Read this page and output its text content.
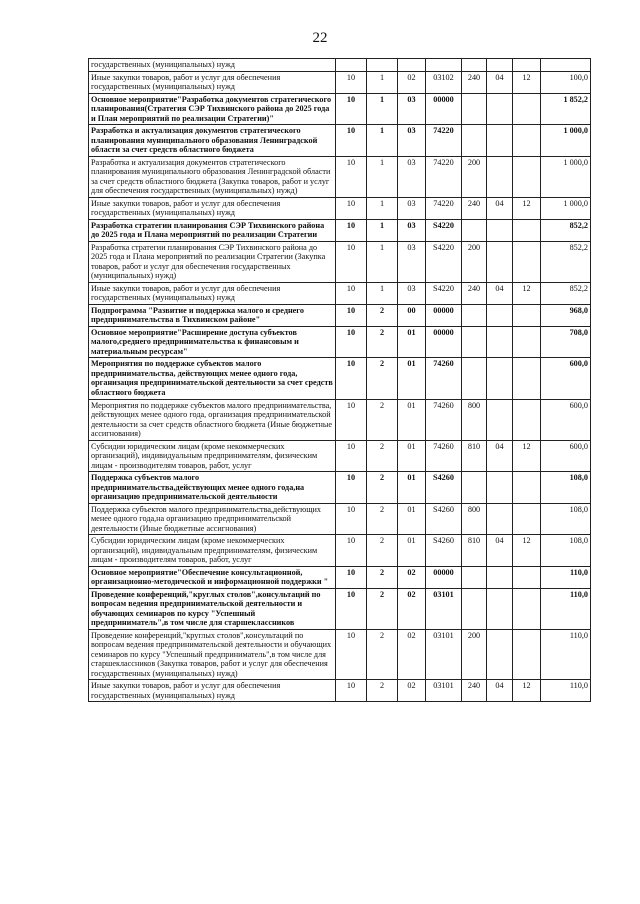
22
государственных (муниципальных) нужд								
Иные закупки товаров, работ и услуг для обеспечения государственных (муниципальных) нужд	10	1	02	03102	240	04	12	100,0
Основное мероприятие"Разработка документов стратегического планирования(Стратегия СЭР Тихвинского района до 2025 года и План мероприятий по реализации Стратегии)"	10	1	03	00000				1 852,2
Разработка и актуализация документов стратегического планирования муниципального образования Ленинградской области за счет средств областного бюджета	10	1	03	74220				1 000,0
Разработка и актуализация документов стратегического планирования муниципального образования Ленинградской области за счет средств областного бюджета (Закупка товаров, работ и услуг для обеспечения государственных (муниципальных) нужд)	10	1	03	74220	200			1 000,0
Иные закупки товаров, работ и услуг для обеспечения государственных (муниципальных) нужд	10	1	03	74220	240	04	12	1 000,0
Разработка стратегии планирования СЭР Тихвинского района до 2025 года и Плана мероприятий по реализации Стратегии	10	1	03	S4220				852,2
Разработка стратегии планирования СЭР Тихвинского района до 2025 года и Плана мероприятий по реализации Стратегии (Закупка товаров, работ и услуг для обеспечения государственных (муниципальных) нужд)	10	1	03	S4220	200			852,2
Иные закупки товаров, работ и услуг для обеспечения государственных (муниципальных) нужд	10	1	03	S4220	240	04	12	852,2
Подпрограмма "Развитие и поддержка малого и среднего предпринимательства в Тихвинском районе"	10	2	00	00000				968,0
Основное мероприятие"Расширение доступа субъектов малого,среднего предпринимательства к финансовым и материальным ресурсам"	10	2	01	00000				708,0
Мероприятия по поддержке субъектов малого предпринимательства, действующих менее одного года, организация предпринимательской деятельности за счет средств областного бюджета	10	2	01	74260				600,0
Мероприятия по поддержке субъектов малого предпринимательства, действующих менее одного года, организация предпринимательской деятельности за счет средств областного бюджета (Иные бюджетные ассигнования)	10	2	01	74260	800			600,0
Субсидии юридическим лицам (кроме некоммерческих организаций), индивидуальным предпринимателям, физическим лицам - производителям товаров, работ, услуг	10	2	01	74260	810	04	12	600,0
Поддержка субъектов малого предпринимательства,действующих менее одного года,на организацию предпринимательской деятельности	10	2	01	S4260				108,0
Поддержка субъектов малого предпринимательства,действующих менее одного года,на организацию предпринимательской деятельности (Иные бюджетные ассигнования)	10	2	01	S4260	800			108,0
Субсидии юридическим лицам (кроме некоммерческих организаций), индивидуальным предпринимателям, физическим лицам - производителям товаров, работ, услуг	10	2	01	S4260	810	04	12	108,0
Основное мероприятие"Обеспечение консультационной, организационно-методической и информационной поддержки "	10	2	02	00000				110,0
Проведение конференций,"круглых столов",консультаций по вопросам ведения предпринимательской деятельности и обучающих семинаров по курсу "Успешный предприниматель",в том числе для старшеклассников	10	2	02	03101				110,0
Проведение конференций,"круглых столов",консультаций по вопросам ведения предпринимательской деятельности и обучающих семинаров по курсу "Успешный предприниматель",в том числе для старшеклассников (Закупка товаров, работ и услуг для обеспечения государственных (муниципальных) нужд)	10	2	02	03101	200			110,0
Иные закупки товаров, работ и услуг для обеспечения государственных (муниципальных) нужд	10	2	02	03101	240	04	12	110,0
